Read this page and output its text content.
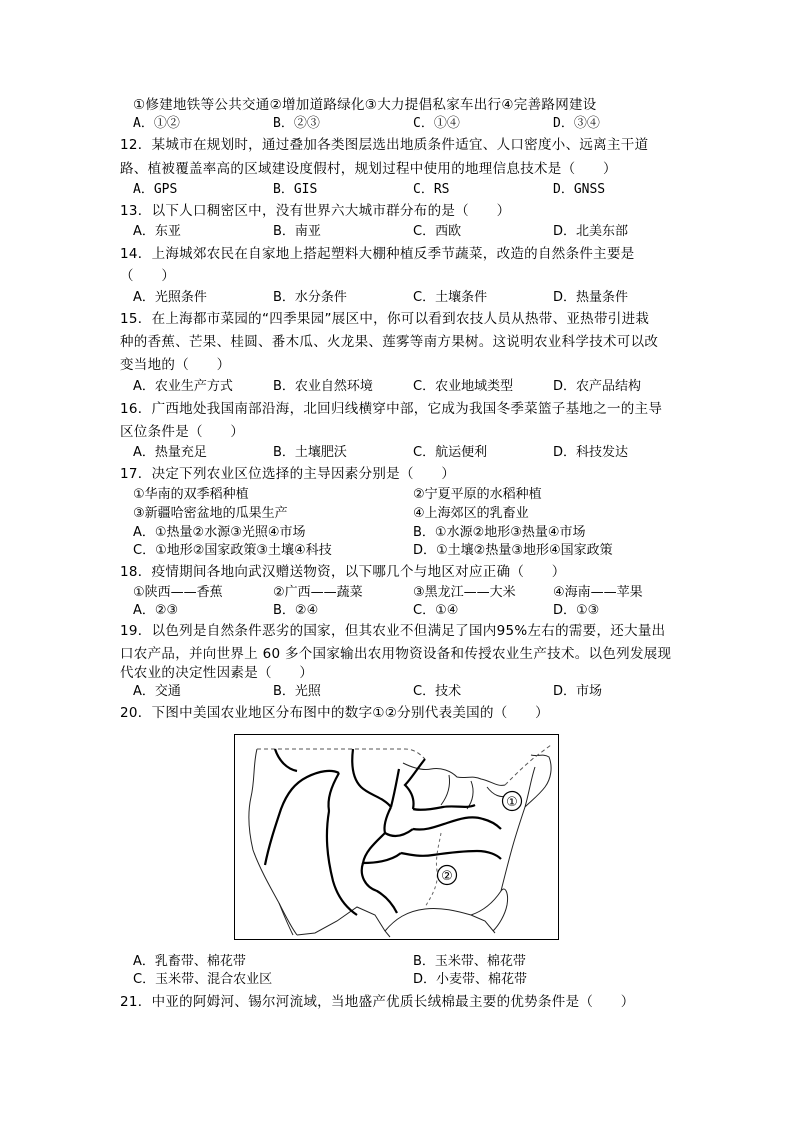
①修建地铁等公共交通②增加道路绿化③大力提倡私家车出行④完善路网建设
A．①②	B．②③	C．①④	D．③④
12．某城市在规划时，通过叠加各类图层选出地质条件适宜、人口密度小、远离主干道
路、植被覆盖率高的区域建设度假村，规划过程中使用的地理信息技术是（　　）
A．GPS	B．GIS	C．RS	D．GNSS
13．以下人口稠密区中，没有世界六大城市群分布的是（　　）
A．东亚	B．南亚	C．西欧	D．北美东部
14．上海城郊农民在自家地上搭起塑料大棚种植反季节蔬菜，改造的自然条件主要是
（　　）
A．光照条件	B．水分条件	C．土壤条件	D．热量条件
15．在上海都市菜园的“四季果园”展区中，你可以看到农技人员从热带、亚热带引进栽
种的香蕉、芒果、桂圆、番木瓜、火龙果、莲雾等南方果树。这说明农业科学技术可以改
变当地的（　　）
A．农业生产方式	B．农业自然环境	C．农业地域类型	D．农产品结构
16．广西地处我国南部沿海，北回归线横穿中部，它成为我国冬季菜篮子基地之一的主导
区位条件是（　　）
A．热量充足	B．土壤肥沃	C．航运便利	D．科技发达
17．决定下列农业区位选择的主导因素分别是（　　）
①华南的双季稻种植	②宁夏平原的水稻种植
③新疆哈密盆地的瓜果生产	④上海郊区的乳畜业
A．①热量②水源③光照④市场	B．①水源②地形③热量④市场
C．①地形②国家政策③土壤④科技	D．①土壤②热量③地形④国家政策
18．疫情期间各地向武汉赠送物资，以下哪几个与地区对应正确（　　）
①陕西——香蕉	②广西——蔬菜	③黑龙江——大米	④海南——苹果
A．②③	B．②④	C．①④	D．①③
19．以色列是自然条件恶劣的国家，但其农业不但满足了国内95%左右的需要，还大量出
口农产品，并向世界上 60 多个国家输出农用物资设备和传授农业生产技术。以色列发展现
代农业的决定性因素是（　　）
A．交通	B．光照	C．技术	D．市场
20．下图中美国农业地区分布图中的数字①②分别代表美国的（　　）
①
②
A．乳畜带、棉花带	B．玉米带、棉花带
C．玉米带、混合农业区	D．小麦带、棉花带
21．中亚的阿姆河、锡尔河流域，当地盛产优质长绒棉最主要的优势条件是（　　）
